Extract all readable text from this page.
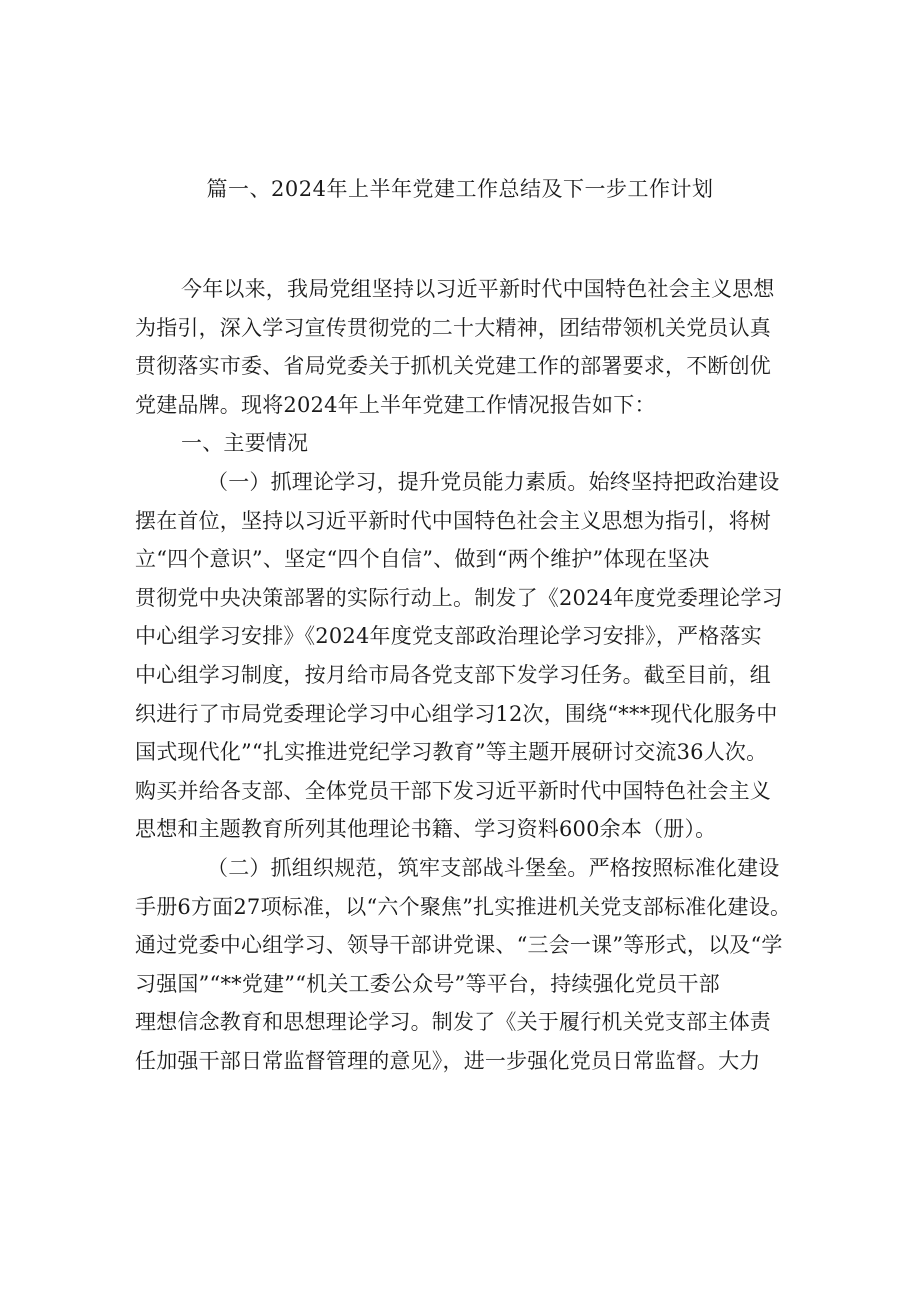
篇一、2024年上半年党建工作总结及下一步工作计划
今年以来，我局党组坚持以习近平新时代中国特色社会主义思想
为指引，深入学习宣传贯彻党的二十大精神，团结带领机关党员认真
贯彻落实市委、省局党委关于抓机关党建工作的部署要求，不断创优
党建品牌。现将2024年上半年党建工作情况报告如下：
一、主要情况
（一）抓理论学习，提升党员能力素质。始终坚持把政治建设
摆在首位，坚持以习近平新时代中国特色社会主义思想为指引，将树
立“四个意识”、坚定“四个自信”、做到“两个维护”体现在坚决
贯彻党中央决策部署的实际行动上。制发了《2024年度党委理论学习
中心组学习安排》《2024年度党支部政治理论学习安排》，严格落实
中心组学习制度，按月给市局各党支部下发学习任务。截至目前，组
织进行了市局党委理论学习中心组学习12次，围绕“***现代化服务中
国式现代化”“扎实推进党纪学习教育”等主题开展研讨交流36人次。
购买并给各支部、全体党员干部下发习近平新时代中国特色社会主义
思想和主题教育所列其他理论书籍、学习资料600余本（册）。
（二）抓组织规范，筑牢支部战斗堡垒。严格按照标准化建设
手册6方面27项标准，以“六个聚焦”扎实推进机关党支部标准化建设。
通过党委中心组学习、领导干部讲党课、“三会一课”等形式，以及“学
习强国”“**党建”“机关工委公众号”等平台，持续强化党员干部
理想信念教育和思想理论学习。制发了《关于履行机关党支部主体责
任加强干部日常监督管理的意见》，进一步强化党员日常监督。大力
